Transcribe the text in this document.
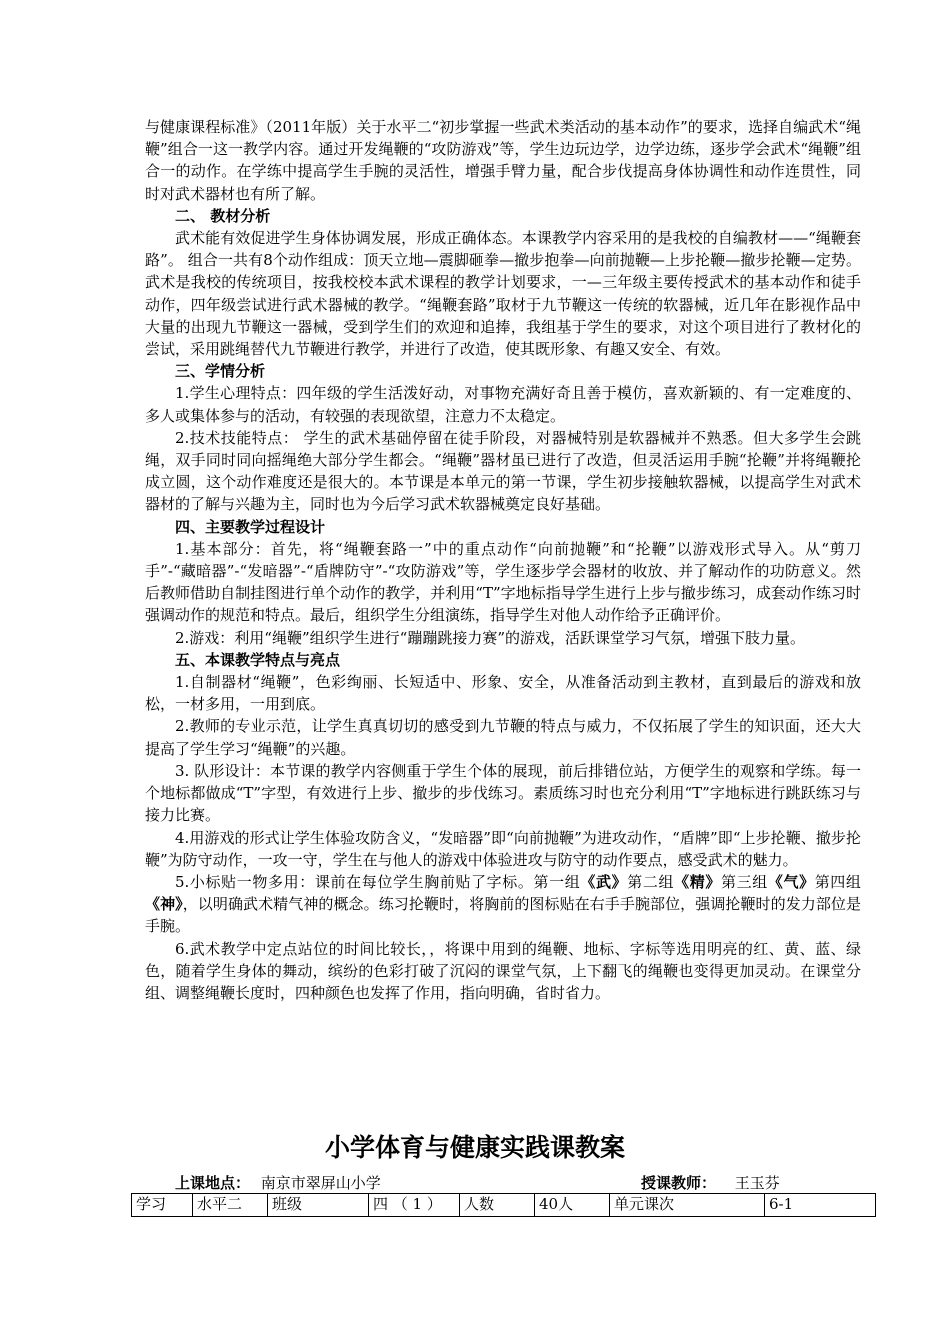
与健康课程标准》（2011年版）关于水平二“初步掌握一些武术类活动的基本动作”的要求，选择自编武术“绳鞭”组合一这一教学内容。通过开发绳鞭的“攻防游戏”等，学生边玩边学，边学边练，逐步学会武术“绳鞭”组合一的动作。在学练中提高学生手腕的灵活性，增强手臂力量，配合步伐提高身体协调性和动作连贯性，同时对武术器材也有所了解。

二、 教材分析

武术能有效促进学生身体协调发展，形成正确体态。本课教学内容采用的是我校的自编教材——“绳鞭套路”。 组合一共有8个动作组成：顶天立地—震脚砸拳—撤步抱拳—向前抛鞭—上步抡鞭—撤步抡鞭—定势。武术是我校的传统项目，按我校校本武术课程的教学计划要求，一—三年级主要传授武术的基本动作和徒手动作，四年级尝试进行武术器械的教学。“绳鞭套路”取材于九节鞭这一传统的软器械，近几年在影视作品中大量的出现九节鞭这一器械，受到学生们的欢迎和追捧，我组基于学生的要求，对这个项目进行了教材化的尝试，采用跳绳替代九节鞭进行教学，并进行了改造，使其既形象、有趣又安全、有效。

三、学情分析

1.学生心理特点：四年级的学生活泼好动，对事物充满好奇且善于模仿，喜欢新颖的、有一定难度的、多人或集体参与的活动，有较强的表现欲望，注意力不太稳定。

2.技术技能特点： 学生的武术基础停留在徒手阶段，对器械特别是软器械并不熟悉。但大多学生会跳绳，双手同时同向摇绳绝大部分学生都会。“绳鞭”器材虽已进行了改造，但灵活运用手腕“抡鞭”并将绳鞭抡成立圆，这个动作难度还是很大的。本节课是本单元的第一节课，学生初步接触软器械，以提高学生对武术器材的了解与兴趣为主，同时也为今后学习武术软器械奠定良好基础。

四、主要教学过程设计

1.基本部分：首先，将“绳鞭套路一”中的重点动作“向前抛鞭”和“抡鞭”以游戏形式导入。从“剪刀手”-“藏暗器”-“发暗器”-“盾牌防守”-“攻防游戏”等，学生逐步学会器材的收放、并了解动作的功防意义。然后教师借助自制挂图进行单个动作的教学，并利用“T”字地标指导学生进行上步与撤步练习，成套动作练习时强调动作的规范和特点。最后，组织学生分组演练，指导学生对他人动作给予正确评价。

2.游戏：利用“绳鞭”组织学生进行“蹦蹦跳接力赛”的游戏，活跃课堂学习气氛，增强下肢力量。

五、本课教学特点与亮点

1.自制器材“绳鞭”，色彩绚丽、长短适中、形象、安全，从准备活动到主教材，直到最后的游戏和放松，一材多用，一用到底。

2.教师的专业示范，让学生真真切切的感受到九节鞭的特点与威力，不仅拓展了学生的知识面，还大大提高了学生学习“绳鞭”的兴趣。

3. 队形设计：本节课的教学内容侧重于学生个体的展现，前后排错位站，方便学生的观察和学练。每一个地标都做成“T”字型，有效进行上步、撤步的步伐练习。素质练习时也充分利用“T”字地标进行跳跃练习与接力比赛。

4.用游戏的形式让学生体验攻防含义，“发暗器”即“向前抛鞭”为进攻动作，“盾牌”即“上步抡鞭、撤步抡鞭”为防守动作，一攻一守，学生在与他人的游戏中体验进攻与防守的动作要点，感受武术的魅力。

5.小标贴一物多用：课前在每位学生胸前贴了字标。第一组《武》第二组《精》第三组《气》第四组《神》，以明确武术精气神的概念。练习抡鞭时，将胸前的图标贴在右手手腕部位，强调抡鞭时的发力部位是手腕。

6.武术教学中定点站位的时间比较长，，将课中用到的绳鞭、地标、字标等选用明亮的红、黄、蓝、绿色，随着学生身体的舞动，缤纷的色彩打破了沉闷的课堂气氛，上下翻飞的绳鞭也变得更加灵动。在课堂分组、调整绳鞭长度时，四种颜色也发挥了作用，指向明确，省时省力。

小学体育与健康实践课教案
上课地点： 南京市翠屏山小学	授课教师： 王玉芬
学习	水平二	班级	四 （ 1 ）	人数	40人	单元课次	6-1
